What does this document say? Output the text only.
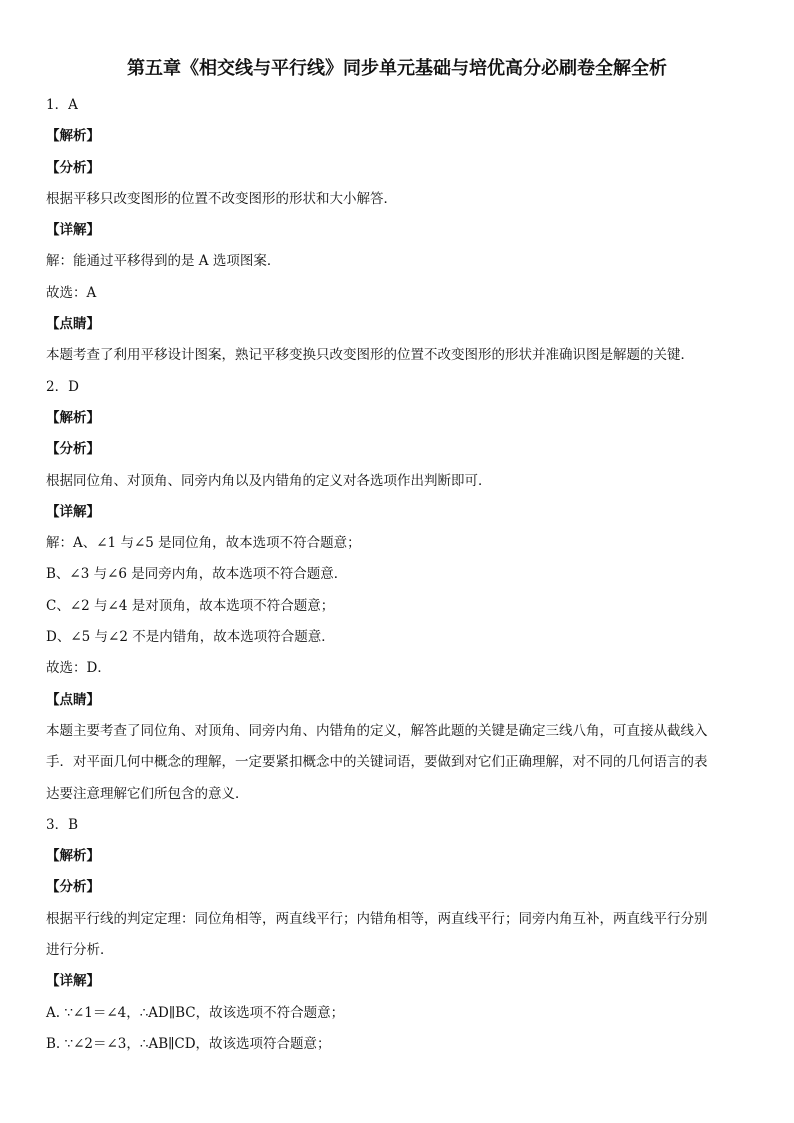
第五章《相交线与平行线》同步单元基础与培优高分必刷卷全解全析
1．A
【解析】
【分析】
根据平移只改变图形的位置不改变图形的形状和大小解答．
【详解】
解：能通过平移得到的是 A 选项图案．
故选：A
【点睛】
本题考查了利用平移设计图案，熟记平移变换只改变图形的位置不改变图形的形状并准确识图是解题的关键．
2．D
【解析】
【分析】
根据同位角、对顶角、同旁内角以及内错角的定义对各选项作出判断即可．
【详解】
解：A、∠1 与∠5 是同位角，故本选项不符合题意；
B、∠3 与∠6 是同旁内角，故本选项不符合题意．
C、∠2 与∠4 是对顶角，故本选项不符合题意；
D、∠5 与∠2 不是内错角，故本选项符合题意．
故选：D．
【点睛】
本题主要考查了同位角、对顶角、同旁内角、内错角的定义，解答此题的关键是确定三线八角，可直接从截线入
手．对平面几何中概念的理解，一定要紧扣概念中的关键词语，要做到对它们正确理解，对不同的几何语言的表
达要注意理解它们所包含的意义．
3．B
【解析】
【分析】
根据平行线的判定定理：同位角相等，两直线平行；内错角相等，两直线平行；同旁内角互补，两直线平行分别
进行分析．
【详解】
A. ∵∠1＝∠4，∴AD∥BC，故该选项不符合题意；
B. ∵∠2＝∠3，∴AB∥CD，故该选项符合题意；
